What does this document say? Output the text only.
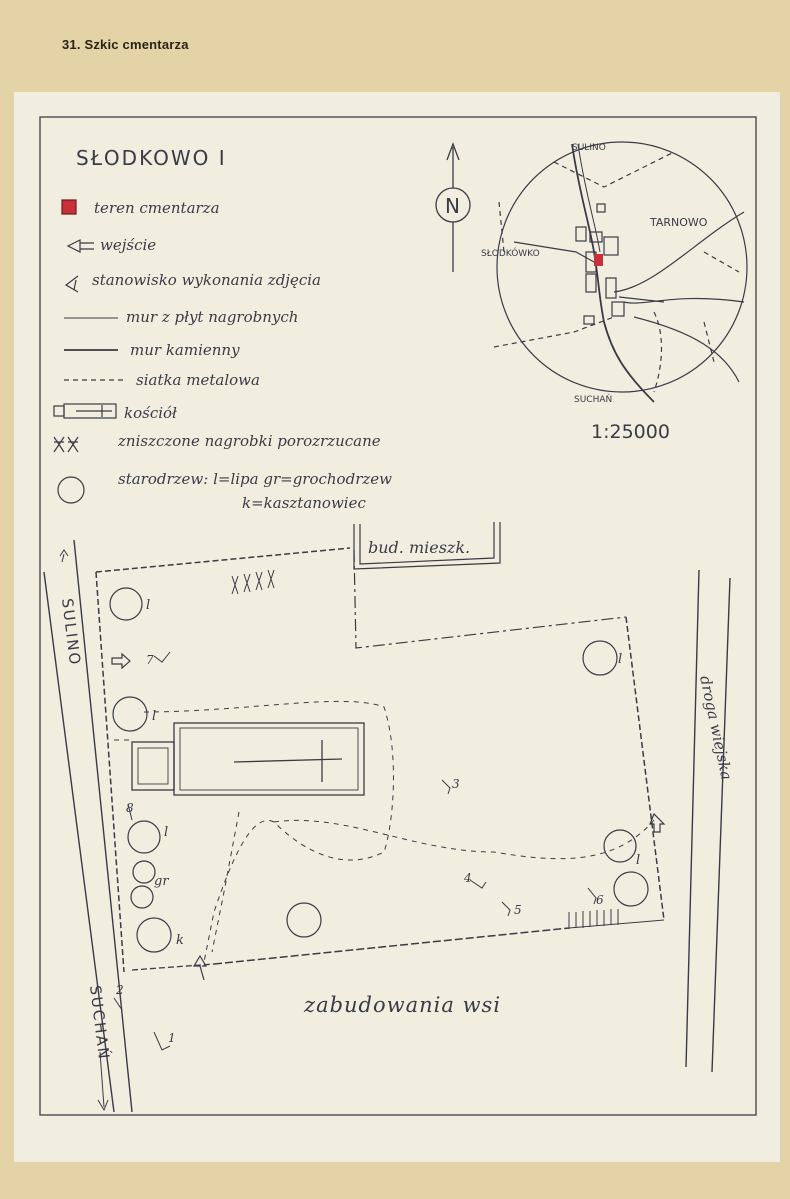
31. Szkic cmentarza
SŁODKOWO I
teren cmentarza
wejście
stanowisko wykonania zdjęcia
mur z płyt nagrobnych
mur kamienny
siatka metalowa
kościół
zniszczone nagrobki porozrzucane
starodrzew: l=lipa gr=grochodrzew
k=kasztanowiec
N
SULINO
TARNOWO
SŁODKÓWKO
SUCHAŃ
1:25000
SULINO
SUCHAŃ
droga wiejska
bud. mieszk.
l
l
l
l
gr
k
l
1
2
3
4
5
6
7
8
zabudowania wsi
